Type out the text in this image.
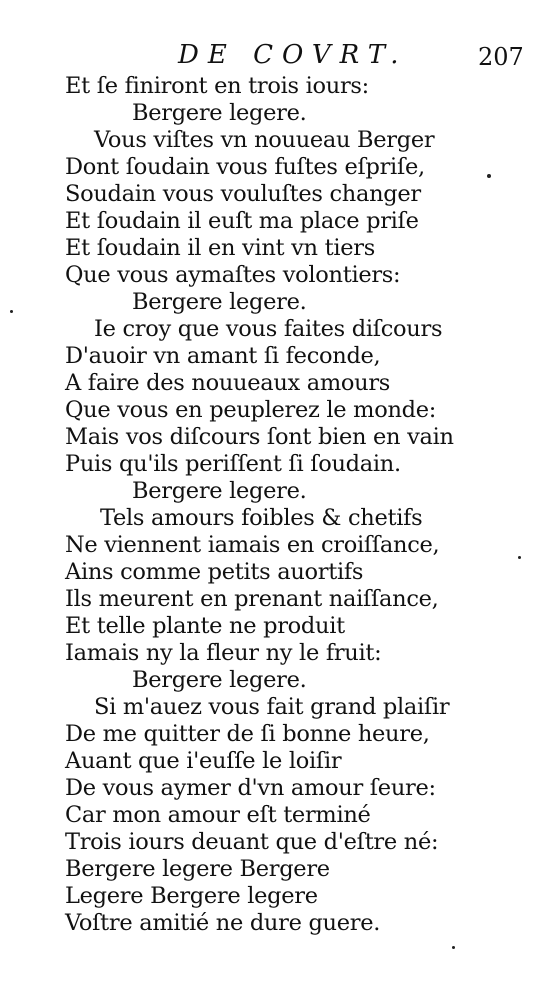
DE COVRT.	207
Et ſe finiront en trois iours:
Bergere legere.
Vous viſtes vn nouueau Berger
Dont ſoudain vous fuſtes eſpriſe,
Soudain vous vouluſtes changer
Et ſoudain il euſt ma place priſe
Et ſoudain il en vint vn tiers
Que vous aymaſtes volontiers:
Bergere legere.
Ie croy que vous faites diſcours
D'auoir vn amant ſi feconde,
A faire des nouueaux amours
Que vous en peuplerez le monde:
Mais vos diſcours ſont bien en vain
Puis qu'ils periſſent ſi ſoudain.
Bergere legere.
Tels amours foibles & chetifs
Ne viennent iamais en croiſſance,
Ains comme petits auortifs
Ils meurent en prenant naiſſance,
Et telle plante ne produit
Iamais ny la fleur ny le fruit:
Bergere legere.
Si m'auez vous fait grand plaiſir
De me quitter de ſi bonne heure,
Auant que i'euſſe le loiſir
De vous aymer d'vn amour ſeure:
Car mon amour eſt terminé
Trois iours deuant que d'eſtre né:
Bergere legere Bergere
Legere Bergere legere
Voſtre amitié ne dure guere.
